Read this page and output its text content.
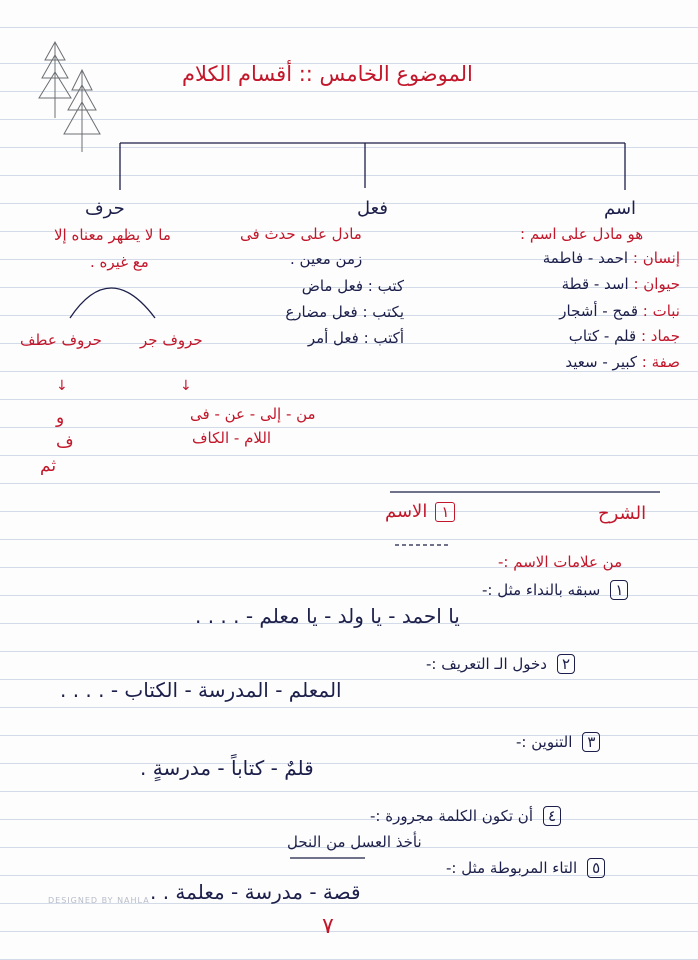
الموضوع الخامس :: أقسام الكلام
اسم
فعل
حرف
هو مادل على اسم :
إنسان : احمد - فاطمة
حيوان : اسد - قطة
نبات : قمح - أشجار
جماد : قلم - كتاب
صفة : كبير - سعيد
مادل على حدث فى
زمن معين .
كتب : فعل ماض
يكتب : فعل مضارع
أكتب : فعل أمر
ما لا يظهر معناه إلا
مع غيره .
حروف عطف	حروف جر
↓	↓
من - إلى - عن - فى
اللام - الكاف
و
ف
ثم
الشرح
١الاسم
من علامات الاسم :-
١سبقه بالنداء مثل :-
يا احمد - يا ولد - يا معلم - . . . .
٢دخول الـ التعريف :-
المعلم - المدرسة - الكتاب - . . . .
٣التنوين :-
قلمٌ - كتاباً - مدرسةٍ .
٤أن تكون الكلمة مجرورة :-
نأخذ العسل من النحل
٥التاء المربوطة مثل :-
قصة - مدرسة - معلمة . .
DESIGNED BY NAHLA
٧
